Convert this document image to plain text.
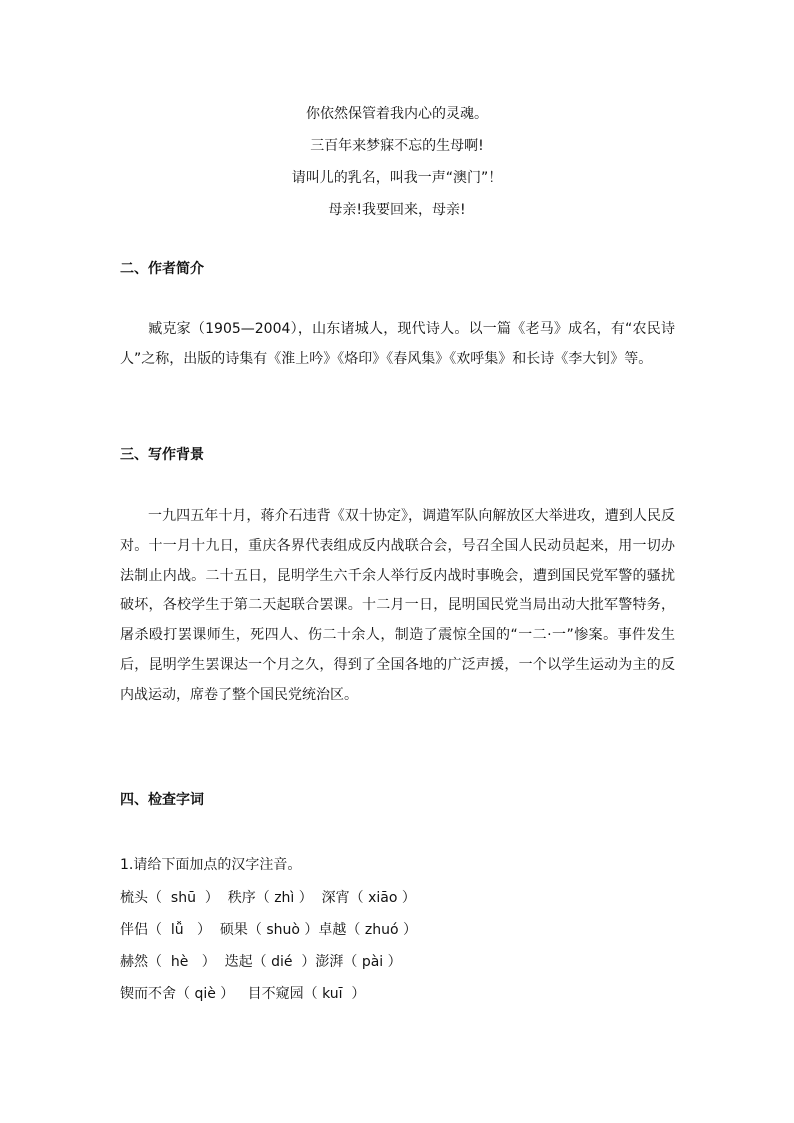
你依然保管着我内心的灵魂。
三百年来梦寐不忘的生母啊!
请叫儿的乳名，叫我一声“澳门”！
母亲!我要回来，母亲!
二、作者简介
臧克家（1905—2004），山东诸城人，现代诗人。以一篇《老马》成名，有“农民诗人”之称，出版的诗集有《淮上吟》《烙印》《春风集》《欢呼集》和长诗《李大钊》等。
三、写作背景
一九四五年十月，蒋介石违背《双十协定》，调遣军队向解放区大举进攻，遭到人民反对。十一月十九日，重庆各界代表组成反内战联合会，号召全国人民动员起来，用一切办法制止内战。二十五日，昆明学生六千余人举行反内战时事晚会，遭到国民党军警的骚扰破坏，各校学生于第二天起联合罢课。十二月一日，昆明国民党当局出动大批军警特务，屠杀殴打罢课师生，死四人、伤二十余人，制造了震惊全国的“一二·一”惨案。事件发生后，昆明学生罢课达一个月之久，得到了全国各地的广泛声援，一个以学生运动为主的反内战运动，席卷了整个国民党统治区。
四、检查字词
1.请给下面加点的汉字注音。
梳头（  shū  ）  秩序（ zhì ）  深宵（ xiāo ）
伴侣（  lǚ   ）  硕果（ shuò ）卓越（ zhuó ）
赫然（  hè   ）  迭起（ dié  ）澎湃（ pài ）
锲而不舍（ qiè ）   目不窥园（ kuī  ）
